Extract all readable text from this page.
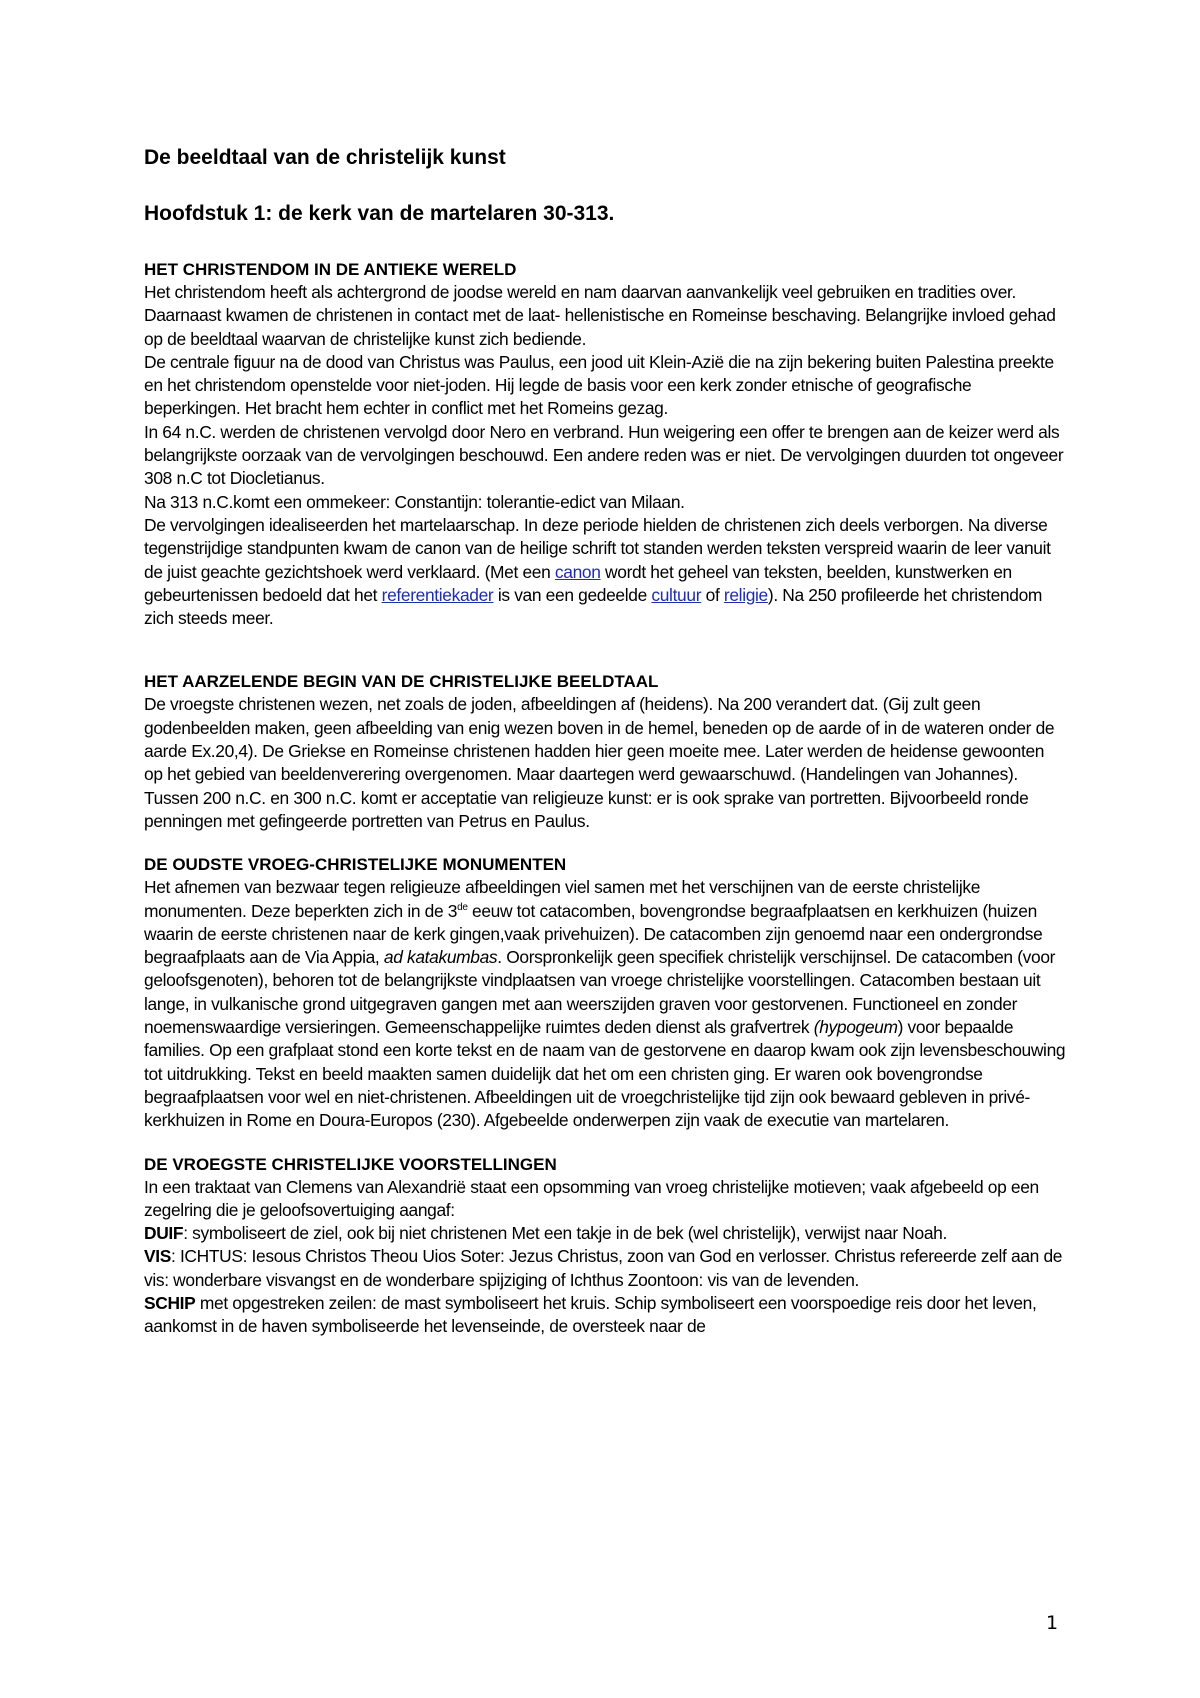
De beeldtaal van de christelijk kunst
Hoofdstuk 1: de kerk van de martelaren 30-313.
HET CHRISTENDOM IN DE ANTIEKE WERELD

Het christendom heeft als achtergrond de joodse wereld en nam daarvan aanvankelijk veel gebruiken en tradities over. Daarnaast kwamen de christenen in contact met de laat- hellenistische en Romeinse beschaving. Belangrijke invloed gehad op de beeldtaal waarvan de christelijke kunst zich bediende.

De centrale figuur na de dood van Christus was Paulus, een jood uit Klein-Azië die na zijn bekering buiten Palestina preekte en het christendom openstelde voor niet-joden. Hij legde de basis voor een kerk zonder etnische of geografische beperkingen. Het bracht hem echter in conflict met het Romeins gezag.

In 64 n.C. werden de christenen vervolgd door Nero en verbrand. Hun weigering een offer te brengen aan de keizer werd als belangrijkste oorzaak van de vervolgingen beschouwd. Een andere reden was er niet. De vervolgingen duurden tot ongeveer 308 n.C tot Diocletianus.

Na 313 n.C.komt een ommekeer: Constantijn: tolerantie-edict van Milaan.

De vervolgingen idealiseerden het martelaarschap. In deze periode hielden de christenen zich deels verborgen. Na diverse tegenstrijdige standpunten kwam de canon van de heilige schrift tot standen werden teksten verspreid waarin de leer vanuit de juist geachte gezichtshoek werd verklaard. (Met een canon wordt het geheel van teksten, beelden, kunstwerken en gebeurtenissen bedoeld dat het referentiekader is van een gedeelde cultuur of religie). Na 250 profileerde het christendom zich steeds meer.

HET AARZELENDE BEGIN VAN DE CHRISTELIJKE BEELDTAAL

De vroegste christenen wezen, net zoals de joden, afbeeldingen af (heidens). Na 200 verandert dat. (Gij zult geen godenbeelden maken, geen afbeelding van enig wezen boven in de hemel, beneden op de aarde of in de wateren onder de aarde Ex.20,4). De Griekse en Romeinse christenen hadden hier geen moeite mee. Later werden de heidense gewoonten op het gebied van beeldenverering overgenomen. Maar daartegen werd gewaarschuwd. (Handelingen van Johannes). Tussen 200 n.C. en 300 n.C. komt er acceptatie van religieuze kunst: er is ook sprake van portretten. Bijvoorbeeld ronde penningen met gefingeerde portretten van Petrus en Paulus.

DE OUDSTE VROEG-CHRISTELIJKE MONUMENTEN

Het afnemen van bezwaar tegen religieuze afbeeldingen viel samen met het verschijnen van de eerste christelijke monumenten. Deze beperkten zich in de 3de eeuw tot catacomben, bovengrondse begraafplaatsen en kerkhuizen (huizen waarin de eerste christenen naar de kerk gingen,vaak privehuizen). De catacomben zijn genoemd naar een ondergrondse begraafplaats aan de Via Appia, ad katakumbas. Oorspronkelijk geen specifiek christelijk verschijnsel. De catacomben (voor geloofsgenoten), behoren tot de belangrijkste vindplaatsen van vroege christelijke voorstellingen. Catacomben bestaan uit lange, in vulkanische grond uitgegraven gangen met aan weerszijden graven voor gestorvenen. Functioneel en zonder noemenswaardige versieringen. Gemeenschappelijke ruimtes deden dienst als grafvertrek (hypogeum) voor bepaalde families. Op een grafplaat stond een korte tekst en de naam van de gestorvene en daarop kwam ook zijn levensbeschouwing tot uitdrukking. Tekst en beeld maakten samen duidelijk dat het om een christen ging. Er waren ook bovengrondse begraafplaatsen voor wel en niet-christenen. Afbeeldingen uit de vroegchristelijke tijd zijn ook bewaard gebleven in privé-kerkhuizen in Rome en Doura-Europos (230). Afgebeelde onderwerpen zijn vaak de executie van martelaren.

DE VROEGSTE CHRISTELIJKE VOORSTELLINGEN

In een traktaat van Clemens van Alexandrië staat een opsomming van vroeg christelijke motieven; vaak afgebeeld op een zegelring die je geloofsovertuiging aangaf:

DUIF: symboliseert de ziel, ook bij niet christenen Met een takje in de bek (wel christelijk), verwijst naar Noah.

VIS: ICHTUS: Iesous Christos Theou Uios Soter: Jezus Christus, zoon van God en verlosser. Christus refereerde zelf aan de vis: wonderbare visvangst en de wonderbare spijziging of Ichthus Zoontoon: vis van de levenden.

SCHIP met opgestreken zeilen: de mast symboliseert het kruis. Schip symboliseert een voorspoedige reis door het leven, aankomst in de haven symboliseerde het levenseinde, de oversteek naar de

1
